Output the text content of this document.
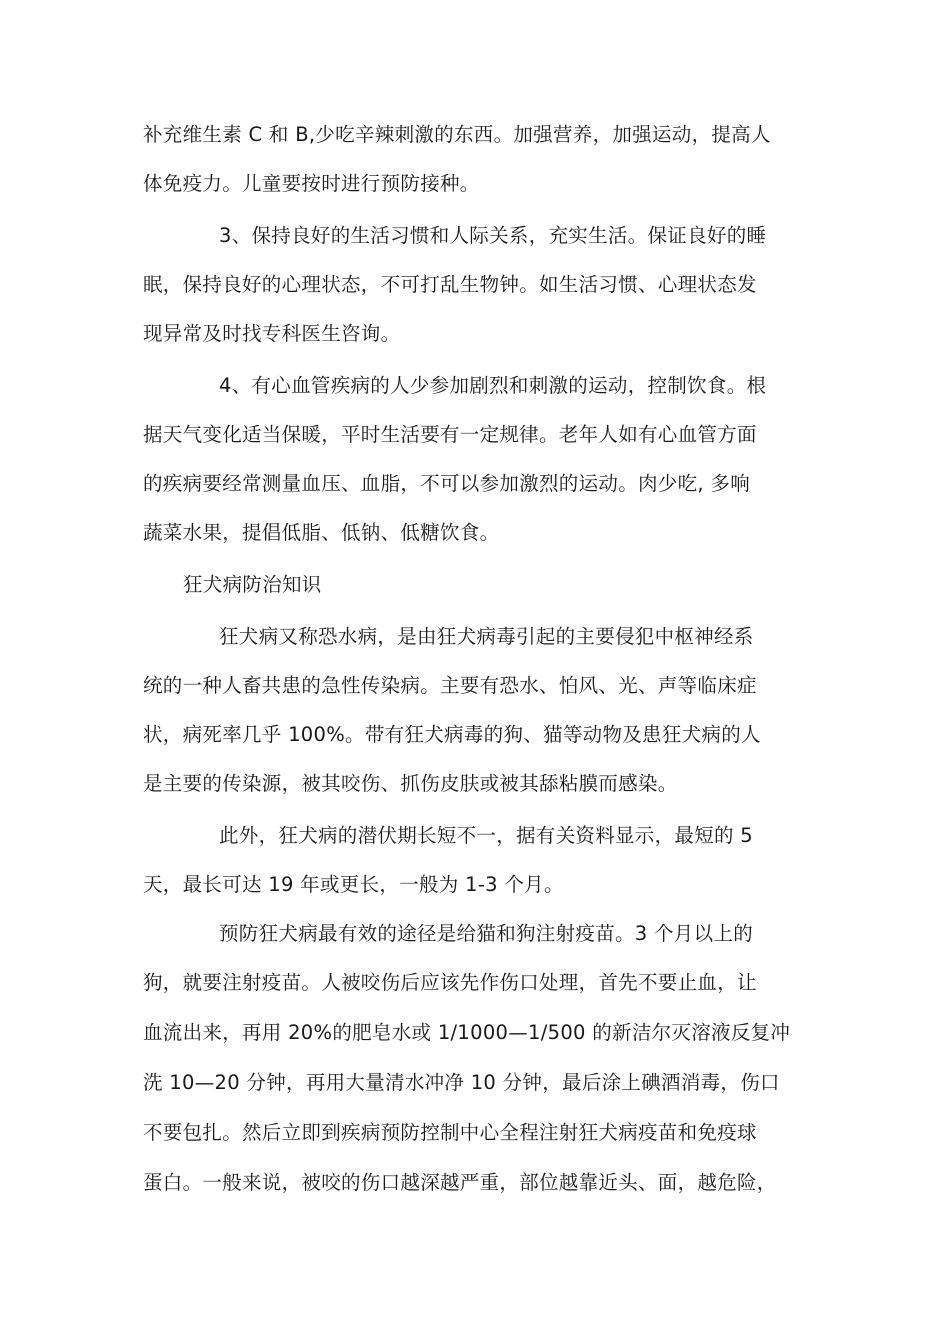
补充维生素 C 和 B,少吃辛辣刺激的东西。加强营养，加强运动，提高人
体免疫力。儿童要按时进行预防接种。
3、保持良好的生活习惯和人际关系，充实生活。保证良好的睡
眠，保持良好的心理状态，不可打乱生物钟。如生活习惯、心理状态发
现异常及时找专科医生咨询。
4、有心血管疾病的人少参加剧烈和刺激的运动，控制饮食。根
据天气变化适当保暖，平时生活要有一定规律。老年人如有心血管方面
的疾病要经常测量血压、血脂，不可以参加激烈的运动。肉少吃, 多响
蔬菜水果，提倡低脂、低钠、低糖饮食。
狂犬病防治知识
狂犬病又称恐水病，是由狂犬病毒引起的主要侵犯中枢神经系
统的一种人畜共患的急性传染病。主要有恐水、怕风、光、声等临床症
状，病死率几乎 100%。带有狂犬病毒的狗、猫等动物及患狂犬病的人
是主要的传染源，被其咬伤、抓伤皮肤或被其舔粘膜而感染。
此外，狂犬病的潜伏期长短不一，据有关资料显示，最短的 5
天，最长可达 19 年或更长，一般为 1-3 个月。
预防狂犬病最有效的途径是给猫和狗注射疫苗。3 个月以上的
狗，就要注射疫苗。人被咬伤后应该先作伤口处理，首先不要止血，让
血流出来，再用 20%的肥皂水或 1/1000—1/500 的新洁尔灭溶液反复冲
洗 10—20 分钟，再用大量清水冲净 10 分钟，最后涂上碘酒消毒，伤口
不要包扎。然后立即到疾病预防控制中心全程注射狂犬病疫苗和免疫球
蛋白。一般来说，被咬的伤口越深越严重，部位越靠近头、面，越危险，
